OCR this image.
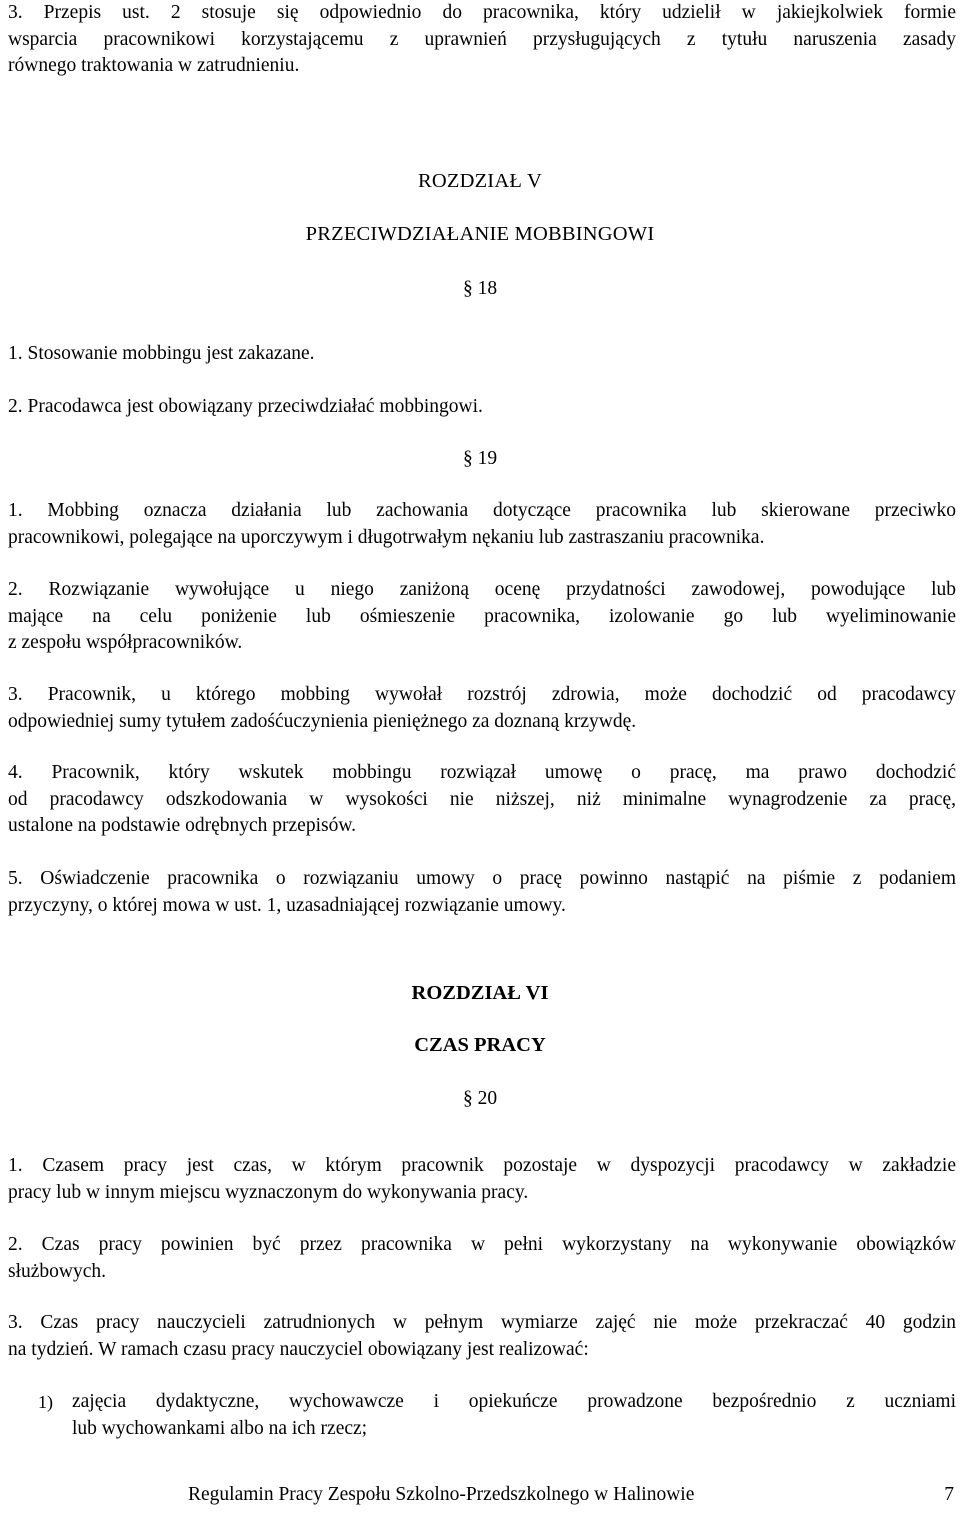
3. Przepis ust. 2 stosuje się odpowiednio do pracownika, który udzielił w jakiejkolwiek formie
wsparcia pracownikowi korzystającemu z uprawnień przysługujących z tytułu naruszenia zasady
równego traktowania w zatrudnieniu.

ROZDZIAŁ V

PRZECIWDZIAŁANIE MOBBINGOWI

§ 18

1. Stosowanie mobbingu jest zakazane.

2. Pracodawca jest obowiązany przeciwdziałać mobbingowi.

§ 19

1. Mobbing oznacza działania lub zachowania dotyczące pracownika lub skierowane przeciwko
pracownikowi, polegające na uporczywym i długotrwałym nękaniu lub zastraszaniu pracownika.

2. Rozwiązanie wywołujące u niego zaniżoną ocenę przydatności zawodowej, powodujące lub
mające na celu poniżenie lub ośmieszenie pracownika, izolowanie go lub wyeliminowanie
z zespołu współpracowników.

3. Pracownik, u którego mobbing wywołał rozstrój zdrowia, może dochodzić od pracodawcy
odpowiedniej sumy tytułem zadośćuczynienia pieniężnego za doznaną krzywdę.

4. Pracownik, który wskutek mobbingu rozwiązał umowę o pracę, ma prawo dochodzić
od pracodawcy odszkodowania w wysokości nie niższej, niż minimalne wynagrodzenie za pracę,
ustalone na podstawie odrębnych przepisów.

5. Oświadczenie pracownika o rozwiązaniu umowy o pracę powinno nastąpić na piśmie z podaniem
przyczyny, o której mowa w ust. 1, uzasadniającej rozwiązanie umowy.

ROZDZIAŁ VI

CZAS PRACY

§ 20

1. Czasem pracy jest czas, w którym pracownik pozostaje w dyspozycji pracodawcy w zakładzie
pracy lub w innym miejscu wyznaczonym do wykonywania pracy.

2. Czas pracy powinien być przez pracownika w pełni wykorzystany na wykonywanie obowiązków
służbowych.

3. Czas pracy nauczycieli zatrudnionych w pełnym wymiarze zajęć nie może przekraczać 40 godzin
na tydzień. W ramach czasu pracy nauczyciel obowiązany jest realizować:

1) zajęcia dydaktyczne, wychowawcze i opiekuńcze prowadzone bezpośrednio z uczniami
lub wychowankami albo na ich rzecz;
Regulamin Pracy Zespołu Szkolno-Przedszkolnego w Halinowie	7
